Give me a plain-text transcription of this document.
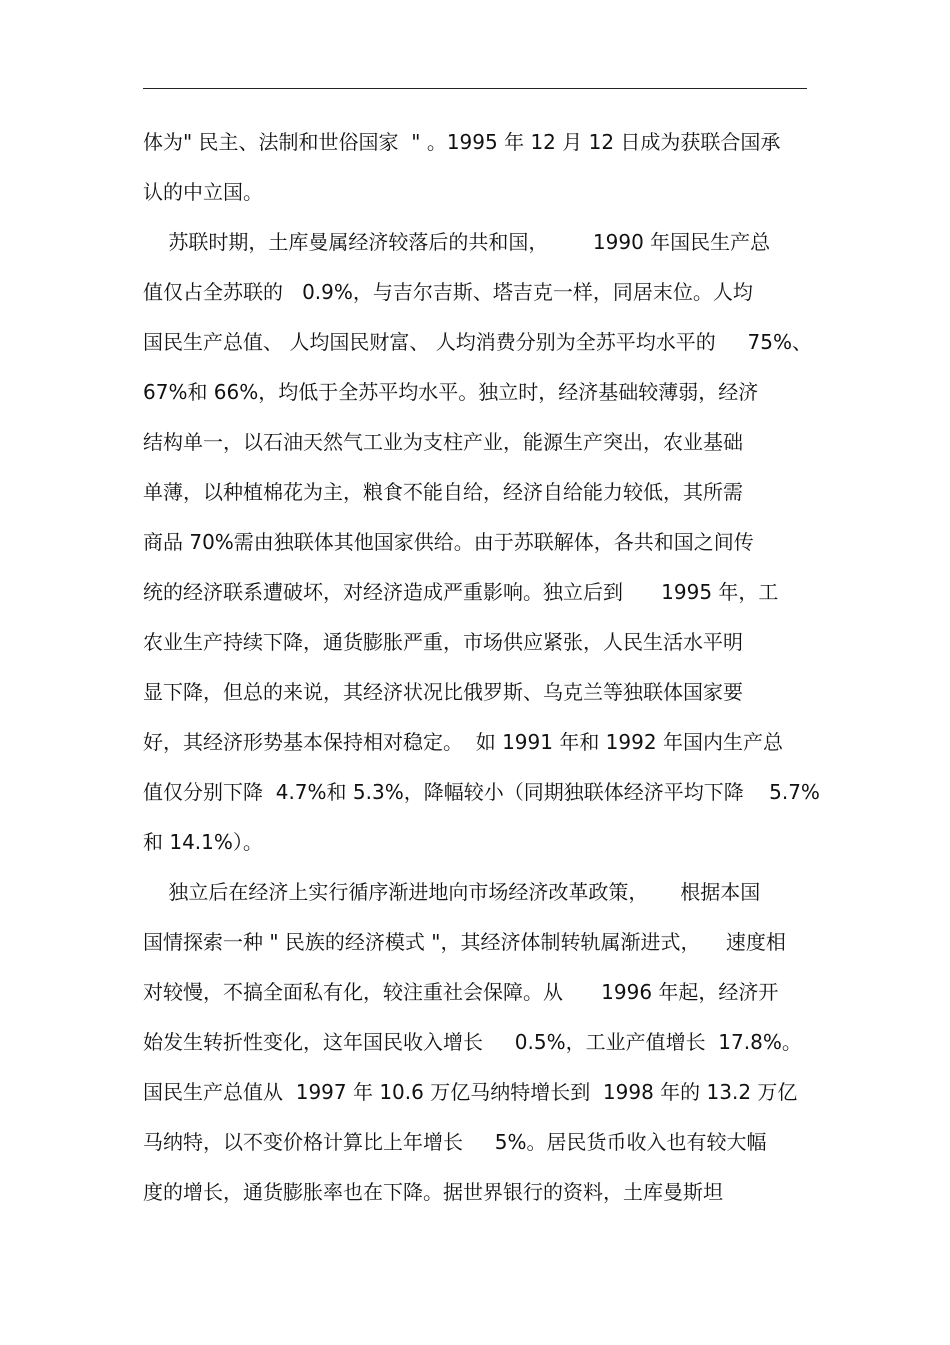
体为" 民主、法制和世俗国家  " 。1995 年 12 月 12 日成为获联合国承
认的中立国。
苏联时期，土库曼属经济较落后的共和国，       1990 年国民生产总
值仅占全苏联的   0.9%，与吉尔吉斯、塔吉克一样，同居末位。人均
国民生产总值、 人均国民财富、 人均消费分别为全苏平均水平的     75%、
67%和 66%，均低于全苏平均水平。独立时，经济基础较薄弱，经济
结构单一，以石油天然气工业为支柱产业，能源生产突出，农业基础
单薄，以种植棉花为主，粮食不能自给，经济自给能力较低，其所需
商品 70%需由独联体其他国家供给。由于苏联解体，各共和国之间传
统的经济联系遭破坏，对经济造成严重影响。独立后到      1995 年，工
农业生产持续下降，通货膨胀严重，市场供应紧张，人民生活水平明
显下降，但总的来说，其经济状况比俄罗斯、乌克兰等独联体国家要
好，其经济形势基本保持相对稳定。  如 1991 年和 1992 年国内生产总
值仅分别下降  4.7%和 5.3%，降幅较小（同期独联体经济平均下降    5.7%
和 14.1%）。
独立后在经济上实行循序渐进地向市场经济改革政策，     根据本国
国情探索一种 " 民族的经济模式 "，其经济体制转轨属渐进式，    速度相
对较慢，不搞全面私有化，较注重社会保障。从      1996 年起，经济开
始发生转折性变化，这年国民收入增长     0.5%，工业产值增长  17.8%。
国民生产总值从  1997 年 10.6 万亿马纳特增长到  1998 年的 13.2 万亿
马纳特，以不变价格计算比上年增长     5%。居民货币收入也有较大幅
度的增长，通货膨胀率也在下降。据世界银行的资料，土库曼斯坦
